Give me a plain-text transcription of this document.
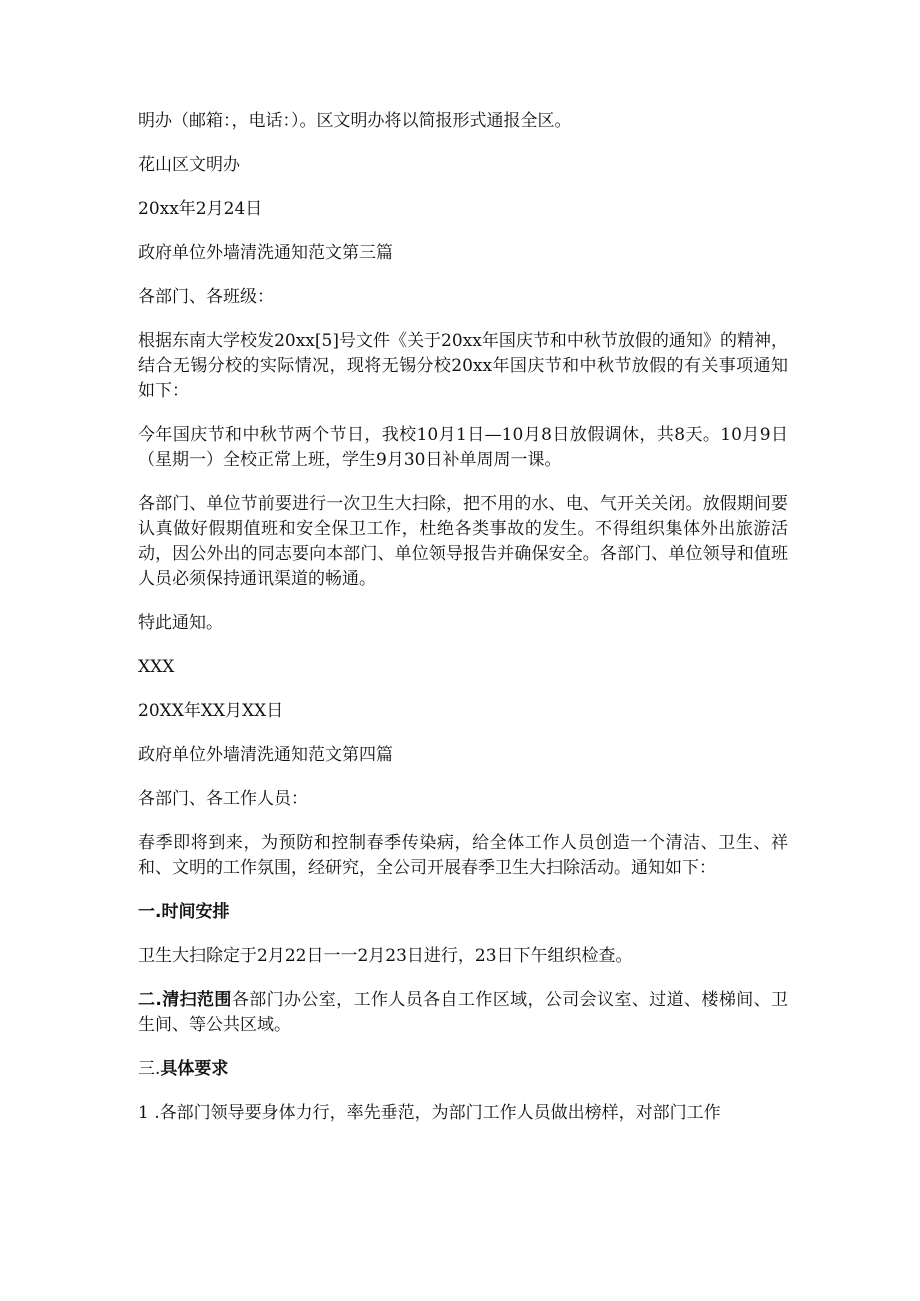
明办（邮箱：，电话：）。区文明办将以简报形式通报全区。

花山区文明办

20xx年2月24日

政府单位外墙清洗通知范文第三篇

各部门、各班级：

根据东南大学校发20xx[5]号文件《关于20xx年国庆节和中秋节放假的通知》的精神，结合无锡分校的实际情况，现将无锡分校20xx年国庆节和中秋节放假的有关事项通知如下：

今年国庆节和中秋节两个节日，我校10月1日—10月8日放假调休，共8天。10月9日（星期一）全校正常上班，学生9月30日补单周周一课。

各部门、单位节前要进行一次卫生大扫除，把不用的水、电、气开关关闭。放假期间要认真做好假期值班和安全保卫工作，杜绝各类事故的发生。不得组织集体外出旅游活动，因公外出的同志要向本部门、单位领导报告并确保安全。各部门、单位领导和值班人员必须保持通讯渠道的畅通。

特此通知。

XXX

20XX年XX月XX日

政府单位外墙清洗通知范文第四篇

各部门、各工作人员：

春季即将到来，为预防和控制春季传染病，给全体工作人员创造一个清洁、卫生、祥和、文明的工作氛围，经研究，全公司开展春季卫生大扫除活动。通知如下：

一.时间安排

卫生大扫除定于2月22日一一2月23日进行，23日下午组织检查。

二.清扫范围各部门办公室，工作人员各自工作区域，公司会议室、过道、楼梯间、卫生间、等公共区域。

三.具体要求

1 .各部门领导要身体力行，率先垂范，为部门工作人员做出榜样，对部门工作
